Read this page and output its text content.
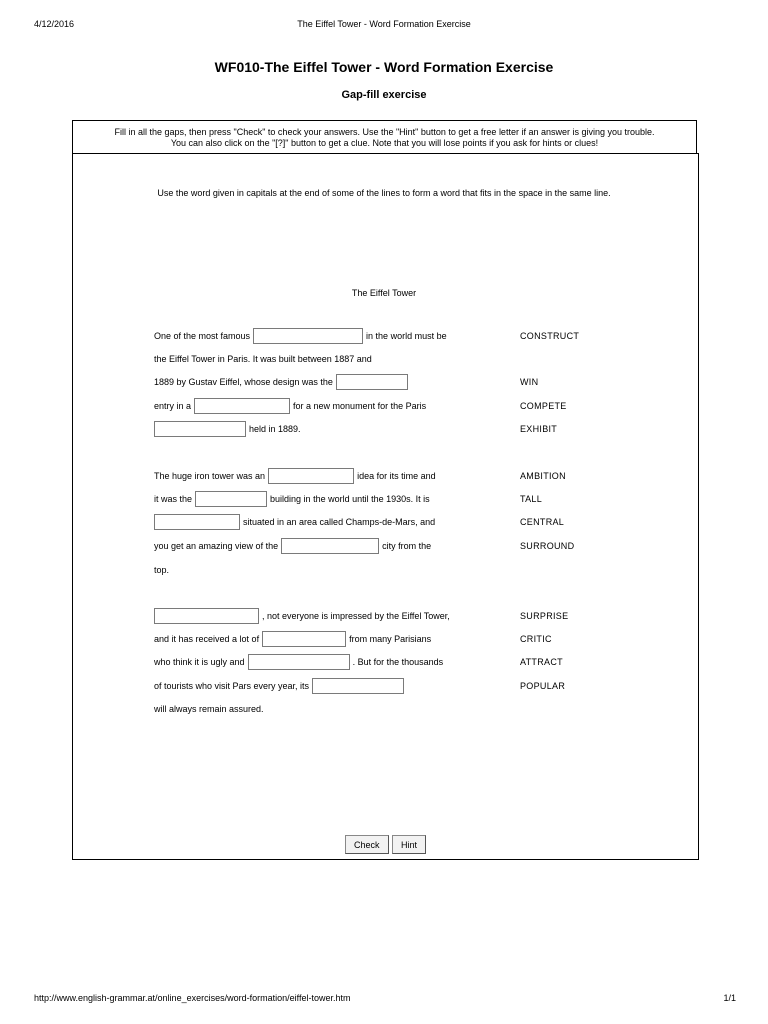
4/12/2016	The Eiffel Tower - Word Formation Exercise
WF010-The Eiffel Tower - Word Formation Exercise
Gap-fill exercise
Fill in all the gaps, then press "Check" to check your answers. Use the "Hint" button to get a free letter if an answer is giving you trouble.
You can also click on the "[?]" button to get a clue. Note that you will lose points if you ask for hints or clues!
Use the word given in capitals at the end of some of the lines to form a word that fits in the space in the same line.
The Eiffel Tower
One of the most famous	in the world must be	CONSTRUCT
the Eiffel Tower in Paris. It was built between 1887 and
1889 by Gustav Eiffel, whose design was the	WIN
entry in a	for a new monument for the Paris	COMPETE
held in 1889.	EXHIBIT
The huge iron tower was an	idea for its time and	AMBITION
it was the	building in the world until the 1930s. It is	TALL
situated in an area called Champs-de-Mars, and	CENTRAL
you get an amazing view of the	city from the	SURROUND
top.
, not everyone is impressed by the Eiffel Tower,	SURPRISE
and it has received a lot of	from many Parisians	CRITIC
who think it is ugly and	. But for the thousands	ATTRACT
of tourists who visit Pars every year, its	POPULAR
will always remain assured.
Check	Hint
http://www.english-grammar.at/online_exercises/word-formation/eiffel-tower.htm	1/1
